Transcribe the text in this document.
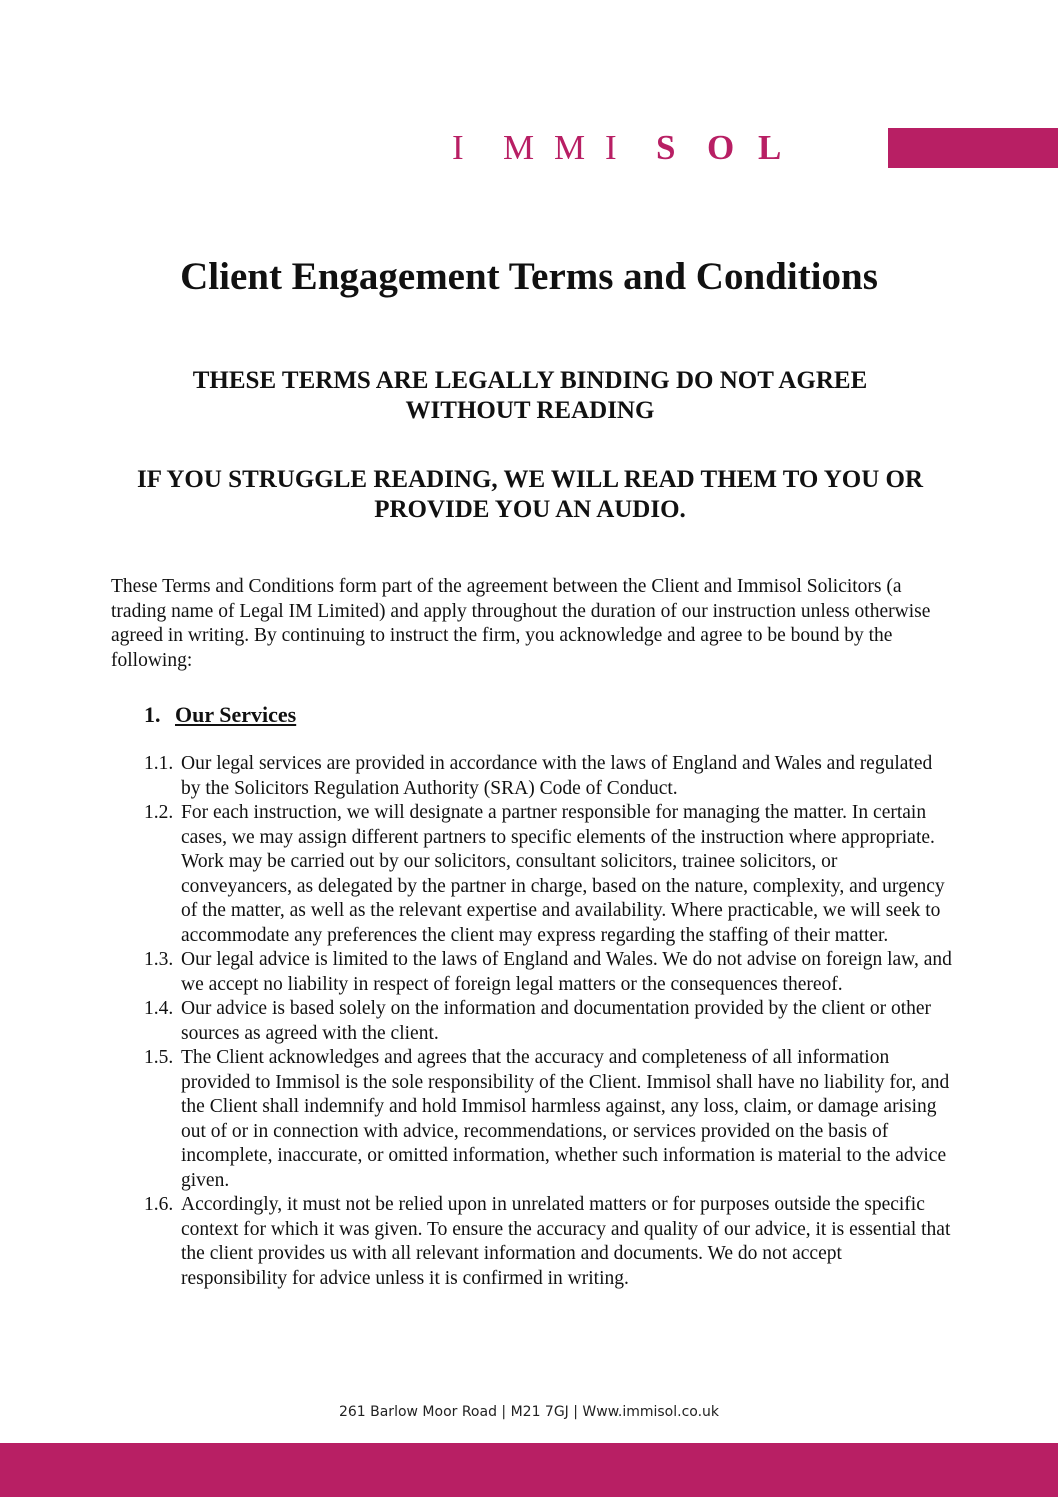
I	M M I	S O L
Client Engagement Terms and Conditions
THESE TERMS ARE LEGALLY BINDING DO NOT AGREE WITHOUT READING
IF YOU STRUGGLE READING, WE WILL READ THEM TO YOU OR PROVIDE YOU AN AUDIO.
These Terms and Conditions form part of the agreement between the Client and Immisol Solicitors (a trading name of Legal IM Limited) and apply throughout the duration of our instruction unless otherwise agreed in writing. By continuing to instruct the firm, you acknowledge and agree to be bound by the following:
1. Our Services
1.1. Our legal services are provided in accordance with the laws of England and Wales and regulated by the Solicitors Regulation Authority (SRA) Code of Conduct.
1.2. For each instruction, we will designate a partner responsible for managing the matter. In certain cases, we may assign different partners to specific elements of the instruction where appropriate. Work may be carried out by our solicitors, consultant solicitors, trainee solicitors, or conveyancers, as delegated by the partner in charge, based on the nature, complexity, and urgency of the matter, as well as the relevant expertise and availability. Where practicable, we will seek to accommodate any preferences the client may express regarding the staffing of their matter.
1.3. Our legal advice is limited to the laws of England and Wales. We do not advise on foreign law, and we accept no liability in respect of foreign legal matters or the consequences thereof.
1.4. Our advice is based solely on the information and documentation provided by the client or other sources as agreed with the client.
1.5. The Client acknowledges and agrees that the accuracy and completeness of all information provided to Immisol is the sole responsibility of the Client. Immisol shall have no liability for, and the Client shall indemnify and hold Immisol harmless against, any loss, claim, or damage arising out of or in connection with advice, recommendations, or services provided on the basis of incomplete, inaccurate, or omitted information, whether such information is material to the advice given.
1.6. Accordingly, it must not be relied upon in unrelated matters or for purposes outside the specific context for which it was given. To ensure the accuracy and quality of our advice, it is essential that the client provides us with all relevant information and documents. We do not accept responsibility for advice unless it is confirmed in writing.
261 Barlow Moor Road | M21 7GJ | Www.immisol.co.uk
